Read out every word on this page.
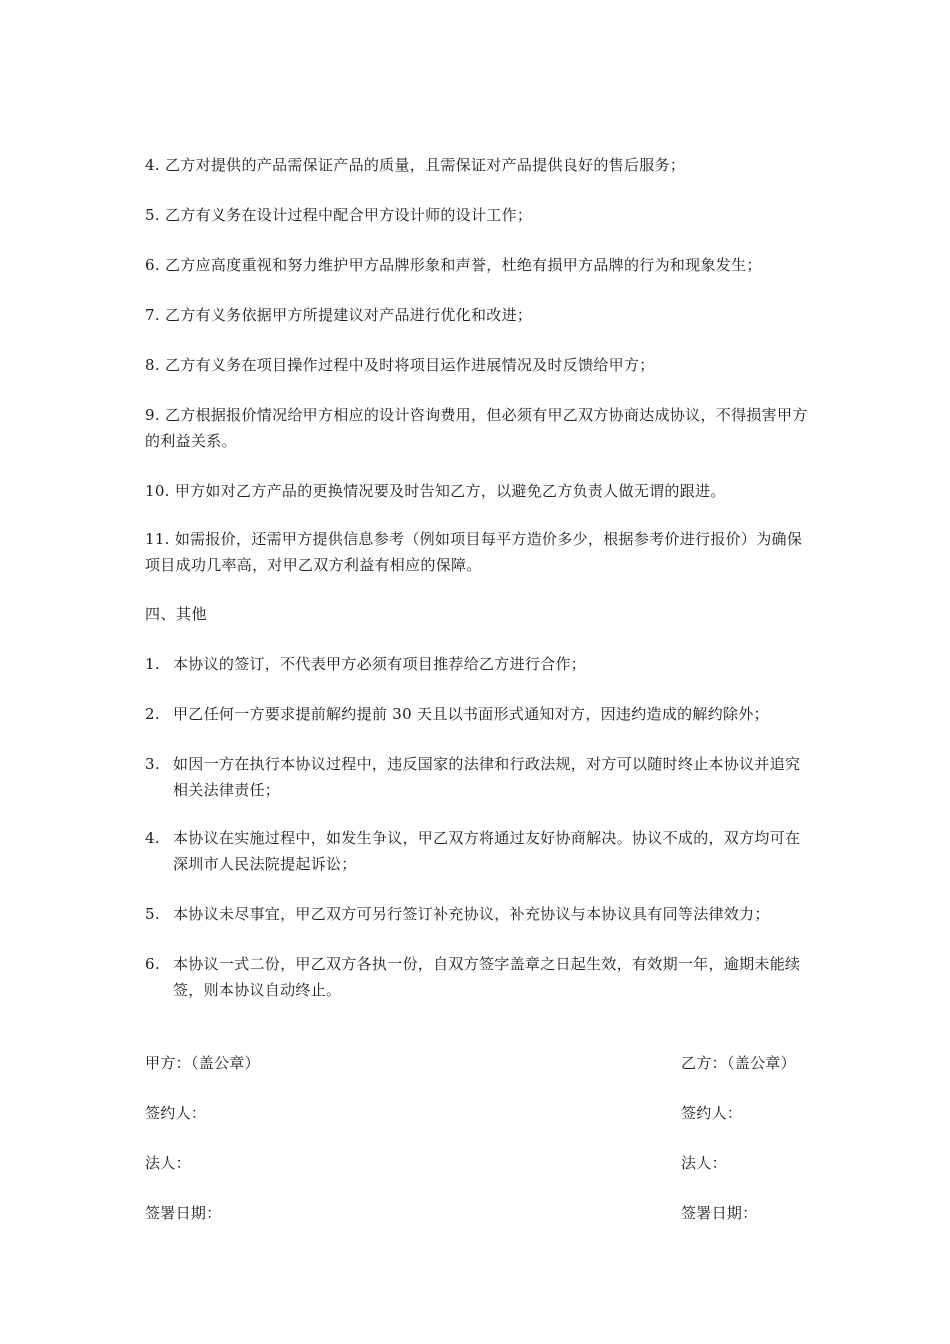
4. 乙方对提供的产品需保证产品的质量，且需保证对产品提供良好的售后服务；

5. 乙方有义务在设计过程中配合甲方设计师的设计工作；

6. 乙方应高度重视和努力维护甲方品牌形象和声誉，杜绝有损甲方品牌的行为和现象发生；

7. 乙方有义务依据甲方所提建议对产品进行优化和改进；

8. 乙方有义务在项目操作过程中及时将项目运作进展情况及时反馈给甲方；

9. 乙方根据报价情况给甲方相应的设计咨询费用，但必须有甲乙双方协商达成协议，不得损害甲方的利益关系。

10. 甲方如对乙方产品的更换情况要及时告知乙方，以避免乙方负责人做无谓的跟进。

11. 如需报价，还需甲方提供信息参考（例如项目每平方造价多少，根据参考价进行报价）为确保项目成功几率高，对甲乙双方利益有相应的保障。

四、其他
1. 本协议的签订，不代表甲方必须有项目推荐给乙方进行合作；
2. 甲乙任何一方要求提前解约提前 30 天且以书面形式通知对方，因违约造成的解约除外；
3. 如因一方在执行本协议过程中，违反国家的法律和行政法规，对方可以随时终止本协议并追究相关法律责任；
4. 本协议在实施过程中，如发生争议，甲乙双方将通过友好协商解决。协议不成的，双方均可在深圳市人民法院提起诉讼；
5. 本协议未尽事宜，甲乙双方可另行签订补充协议，补充协议与本协议具有同等法律效力；
6. 本协议一式二份，甲乙双方各执一份，自双方签字盖章之日起生效，有效期一年，逾期未能续签，则本协议自动终止。
甲方：（盖公章）
签约人：
法人：
签署日期：
乙方：（盖公章）
签约人：
法人：
签署日期：
